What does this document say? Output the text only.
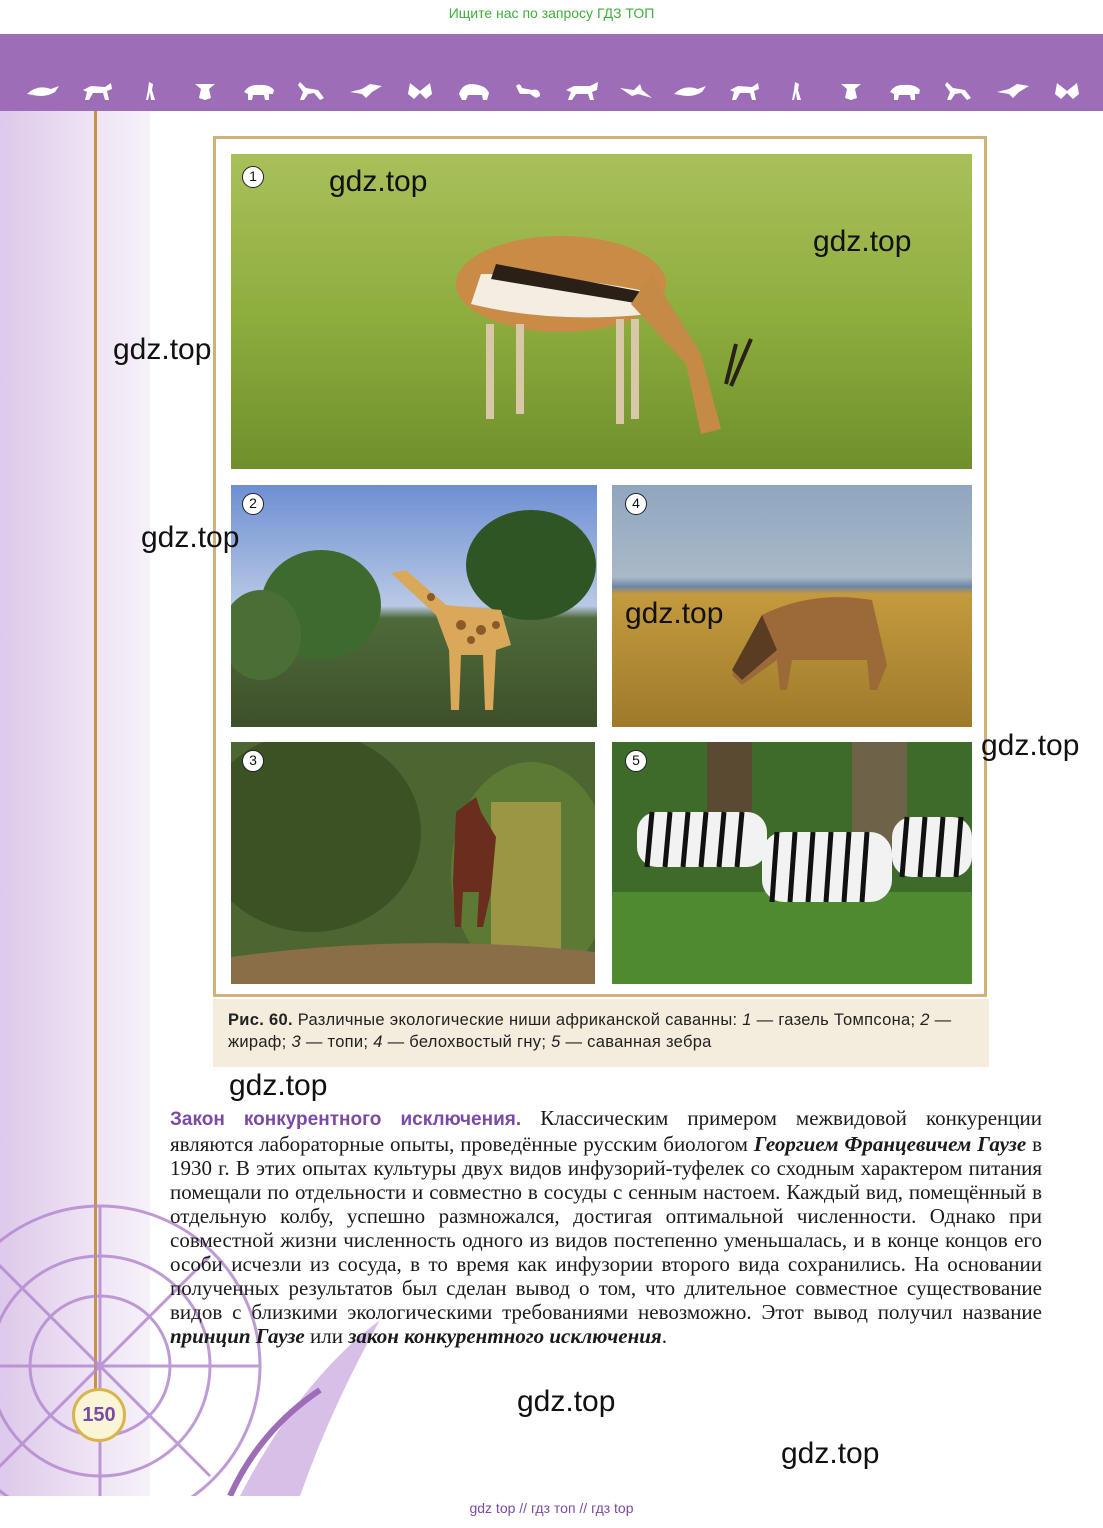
Ищите нас по запросу ГДЗ ТОП
150
1
2	4
3	5
Рис. 60. Различные экологические ниши африканской саванны: 1 — газель Томпсона; 2 — жираф; 3 — топи; 4 — белохвостый гну; 5 — саванная зебра
Закон конкурентного исключения. Классическим примером межвидовой конкуренции являются лабораторные опыты, проведённые русским биологом Георгием Францевичем Гаузе в 1930 г. В этих опытах культуры двух видов инфузорий-туфелек со сходным характером питания помещали по отдельности и совместно в сосуды с сенным настоем. Каждый вид, помещённый в отдельную колбу, успешно размножался, достигая оптимальной численности. Однако при совместной жизни численность одного из видов постепенно уменьшалась, и в конце концов его особи исчезли из сосуда, в то время как инфузории второго вида сохранились. На основании полученных результатов был сделан вывод о том, что длительное совместное существование видов с близкими экологическими требованиями невозможно. Этот вывод получил название принцип Гаузе или закон конкурентного исключения.
gdz.top
gdz.top
gdz.top
gdz.top
gdz.top
gdz.top
gdz.top
gdz.top
gdz.top
gdz top // гдз топ // гдз top
